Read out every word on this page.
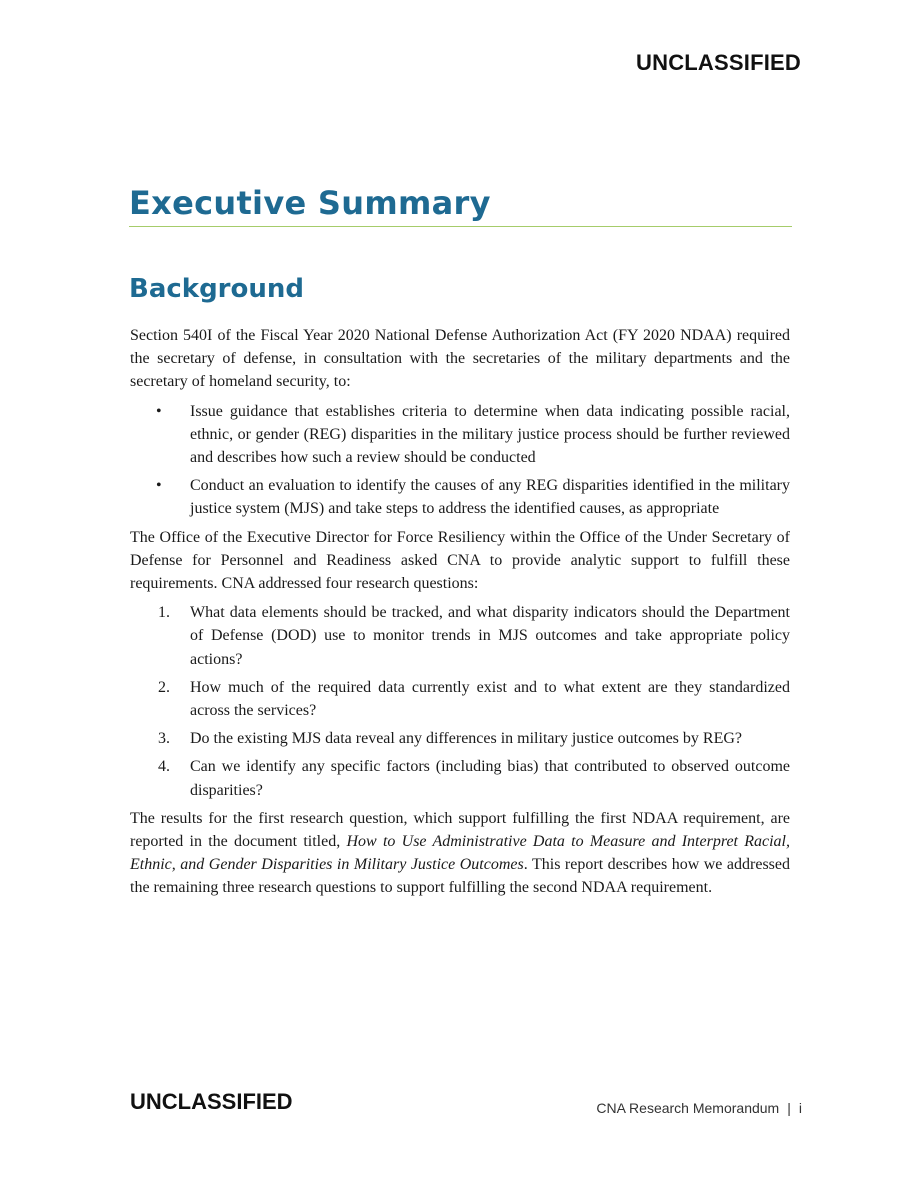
UNCLASSIFIED
Executive Summary
Background

Section 540I of the Fiscal Year 2020 National Defense Authorization Act (FY 2020 NDAA) required the secretary of defense, in consultation with the secretaries of the military departments and the secretary of homeland security, to:

• Issue guidance that establishes criteria to determine when data indicating possible racial, ethnic, or gender (REG) disparities in the military justice process should be further reviewed and describes how such a review should be conducted
• Conduct an evaluation to identify the causes of any REG disparities identified in the military justice system (MJS) and take steps to address the identified causes, as appropriate

The Office of the Executive Director for Force Resiliency within the Office of the Under Secretary of Defense for Personnel and Readiness asked CNA to provide analytic support to fulfill these requirements. CNA addressed four research questions:

1. What data elements should be tracked, and what disparity indicators should the Department of Defense (DOD) use to monitor trends in MJS outcomes and take appropriate policy actions?
2. How much of the required data currently exist and to what extent are they standardized across the services?
3. Do the existing MJS data reveal any differences in military justice outcomes by REG?
4. Can we identify any specific factors (including bias) that contributed to observed outcome disparities?

The results for the first research question, which support fulfilling the first NDAA requirement, are reported in the document titled, How to Use Administrative Data to Measure and Interpret Racial, Ethnic, and Gender Disparities in Military Justice Outcomes. This report describes how we addressed the remaining three research questions to support fulfilling the second NDAA requirement.

UNCLASSIFIED	CNA Research Memorandum | i
